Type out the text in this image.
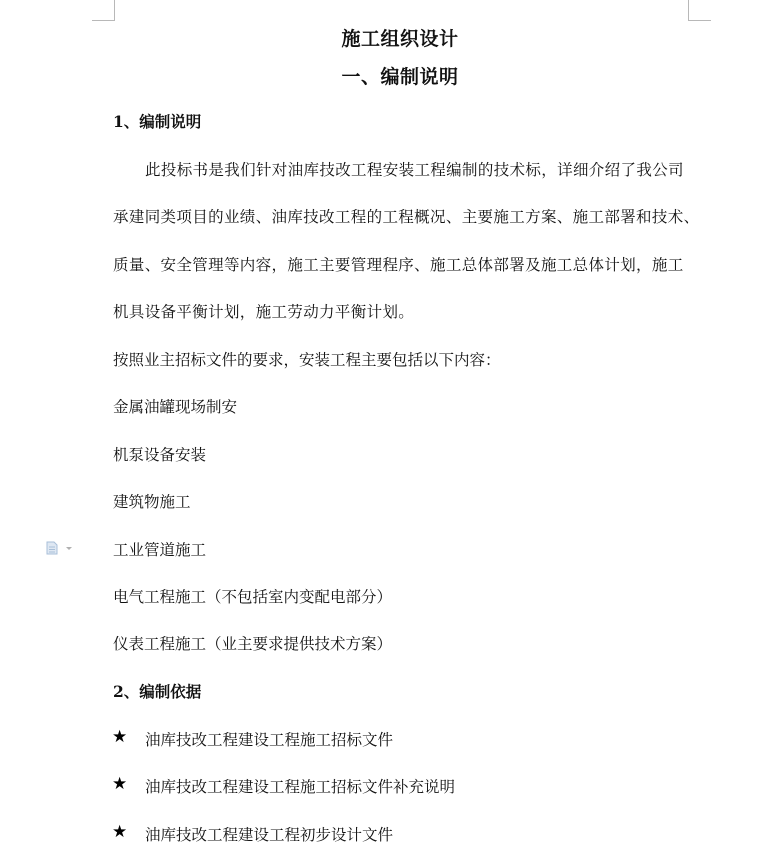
施工组织设计
一、编制说明
1、编制说明
此投标书是我们针对油库技改工程安装工程编制的技术标，详细介绍了我公司
承建同类项目的业绩、油库技改工程的工程概况、主要施工方案、施工部署和技术、
质量、安全管理等内容，施工主要管理程序、施工总体部署及施工总体计划，施工
机具设备平衡计划，施工劳动力平衡计划。
按照业主招标文件的要求，安装工程主要包括以下内容：
金属油罐现场制安
机泵设备安装
建筑物施工
工业管道施工
电气工程施工（不包括室内变配电部分）
仪表工程施工（业主要求提供技术方案）
2、编制依据
★ 油库技改工程建设工程施工招标文件
★ 油库技改工程建设工程施工招标文件补充说明
★ 油库技改工程建设工程初步设计文件
